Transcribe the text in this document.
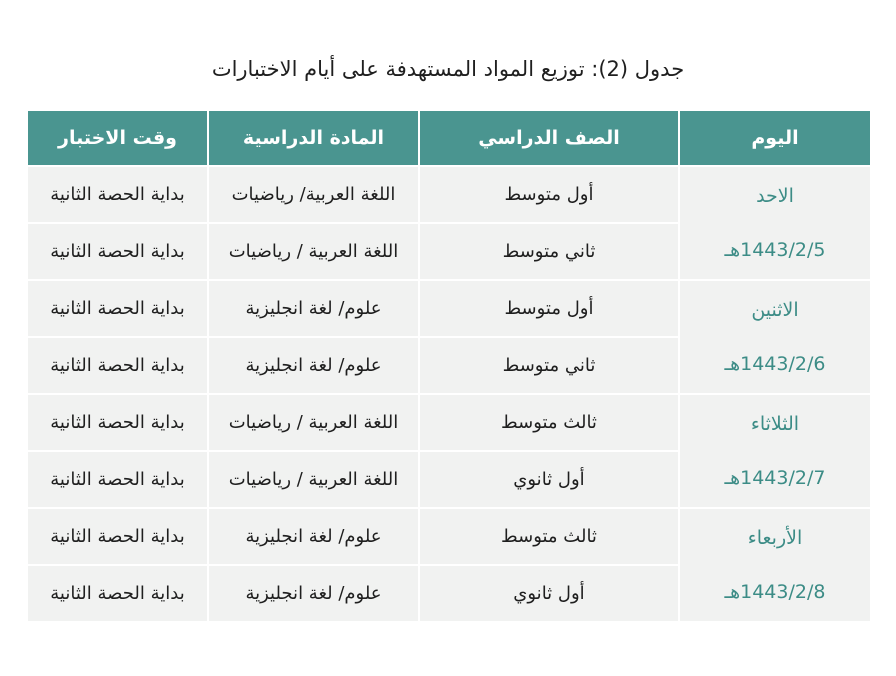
جدول (2): توزيع المواد المستهدفة على أيام الاختبارات
اليوم	الصف الدراسي	المادة الدراسية	وقت الاختبار

الاحد
1443/2/5هـ	أول متوسط	اللغة العربية/ رياضيات	بداية الحصة الثانية
	ثاني متوسط	اللغة العربية / رياضيات	بداية الحصة الثانية

الاثنين
1443/2/6هـ	أول متوسط	علوم/ لغة انجليزية	بداية الحصة الثانية
	ثاني متوسط	علوم/ لغة انجليزية	بداية الحصة الثانية

الثلاثاء
1443/2/7هـ	ثالث متوسط	اللغة العربية / رياضيات	بداية الحصة الثانية
	أول ثانوي	اللغة العربية / رياضيات	بداية الحصة الثانية

الأربعاء
1443/2/8هـ	ثالث متوسط	علوم/ لغة انجليزية	بداية الحصة الثانية
	أول ثانوي	علوم/ لغة انجليزية	بداية الحصة الثانية
